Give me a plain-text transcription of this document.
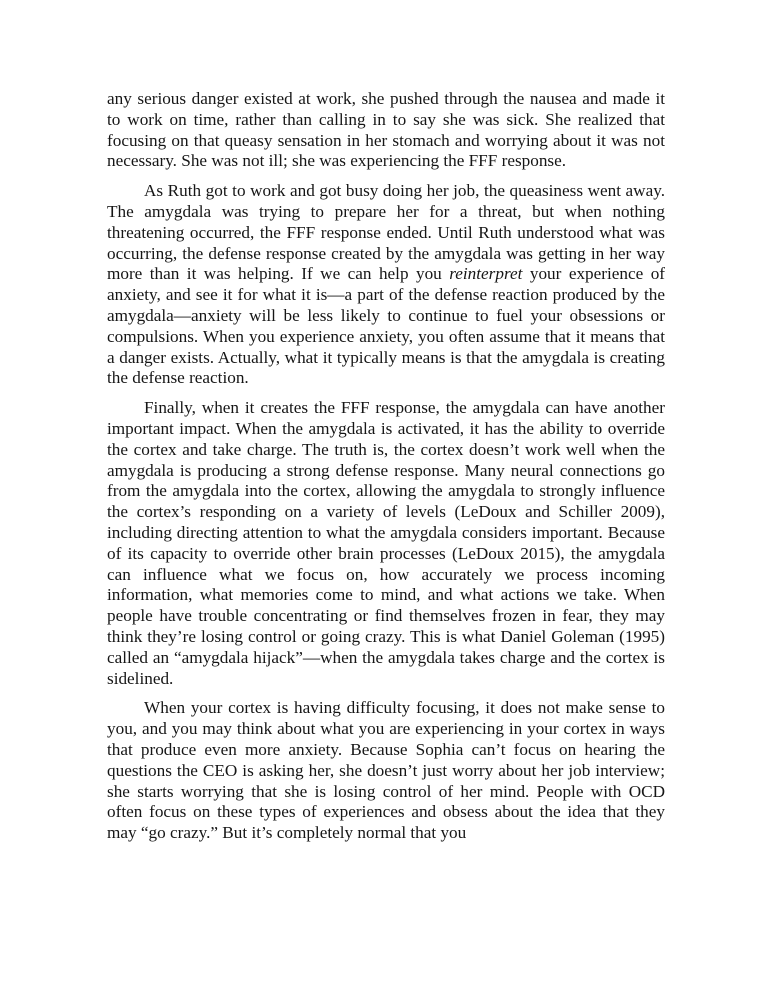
any serious danger existed at work, she pushed through the nausea and made it to work on time, rather than calling in to say she was sick. She realized that focusing on that queasy sensation in her stomach and worrying about it was not necessary. She was not ill; she was experiencing the FFF response.

As Ruth got to work and got busy doing her job, the queasiness went away. The amygdala was trying to prepare her for a threat, but when nothing threatening occurred, the FFF response ended. Until Ruth understood what was occurring, the defense response created by the amygdala was getting in her way more than it was helping. If we can help you reinterpret your experience of anxiety, and see it for what it is—a part of the defense reaction produced by the amygdala—anxiety will be less likely to continue to fuel your obsessions or compulsions. When you experience anxiety, you often assume that it means that a danger exists. Actually, what it typically means is that the amygdala is creating the defense reaction.

Finally, when it creates the FFF response, the amygdala can have another important impact. When the amygdala is activated, it has the ability to override the cortex and take charge. The truth is, the cortex doesn’t work well when the amygdala is producing a strong defense response. Many neural connections go from the amygdala into the cortex, allowing the amygdala to strongly influence the cortex’s responding on a variety of levels (LeDoux and Schiller 2009), including directing attention to what the amygdala considers important. Because of its capacity to override other brain processes (LeDoux 2015), the amygdala can influence what we focus on, how accurately we process incoming information, what memories come to mind, and what actions we take. When people have trouble concentrating or find themselves frozen in fear, they may think they’re losing control or going crazy. This is what Daniel Goleman (1995) called an “amygdala hijack”—when the amygdala takes charge and the cortex is sidelined.

When your cortex is having difficulty focusing, it does not make sense to you, and you may think about what you are experiencing in your cortex in ways that produce even more anxiety. Because Sophia can’t focus on hearing the questions the CEO is asking her, she doesn’t just worry about her job interview; she starts worrying that she is losing control of her mind. People with OCD often focus on these types of experiences and obsess about the idea that they may “go crazy.” But it’s completely normal that you
